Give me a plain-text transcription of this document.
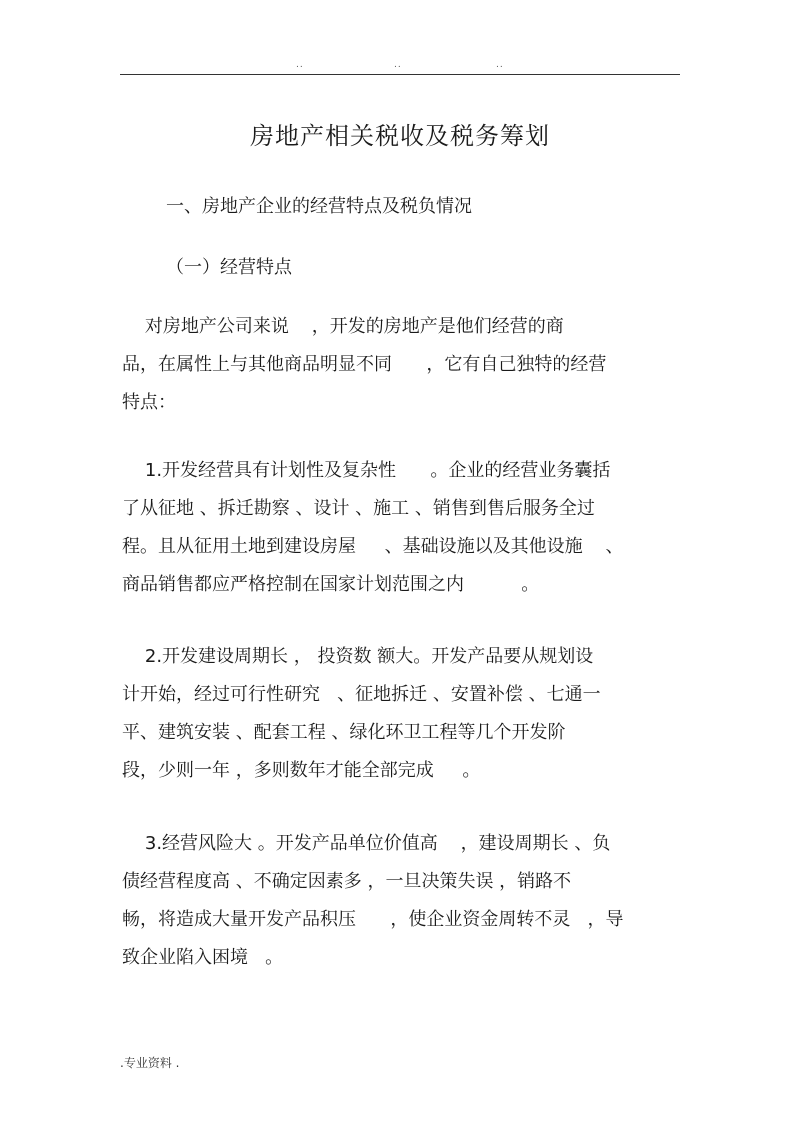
..	..	..
房地产相关税收及税务筹划
一、房地产企业的经营特点及税负情况
（一）经营特点
对房地产公司来说    ，开发的房地产是他们经营的商
品，在属性上与其他商品明显不同      ，它有自己独特的经营
特点：
1.开发经营具有计划性及复杂性      。企业的经营业务囊括
了从征地 、拆迁勘察 、设计 、施工 、销售到售后服务全过
程。且从征用土地到建设房屋     、基础设施以及其他设施    、
商品销售都应严格控制在国家计划范围之内          。
2.开发建设周期长 ， 投资数 额大。开发产品要从规划设
计开始，经过可行性研究   、征地拆迁 、安置补偿 、七通一
平、建筑安装 、配套工程 、绿化环卫工程等几个开发阶
段，少则一年 ，多则数年才能全部完成     。
3.经营风险大 。开发产品单位价值高    ，建设周期长 、负
债经营程度高 、不确定因素多 ，一旦决策失误 ，销路不
畅，将造成大量开发产品积压      ，使企业资金周转不灵   ，导
致企业陷入困境   。
.专业资料 .
